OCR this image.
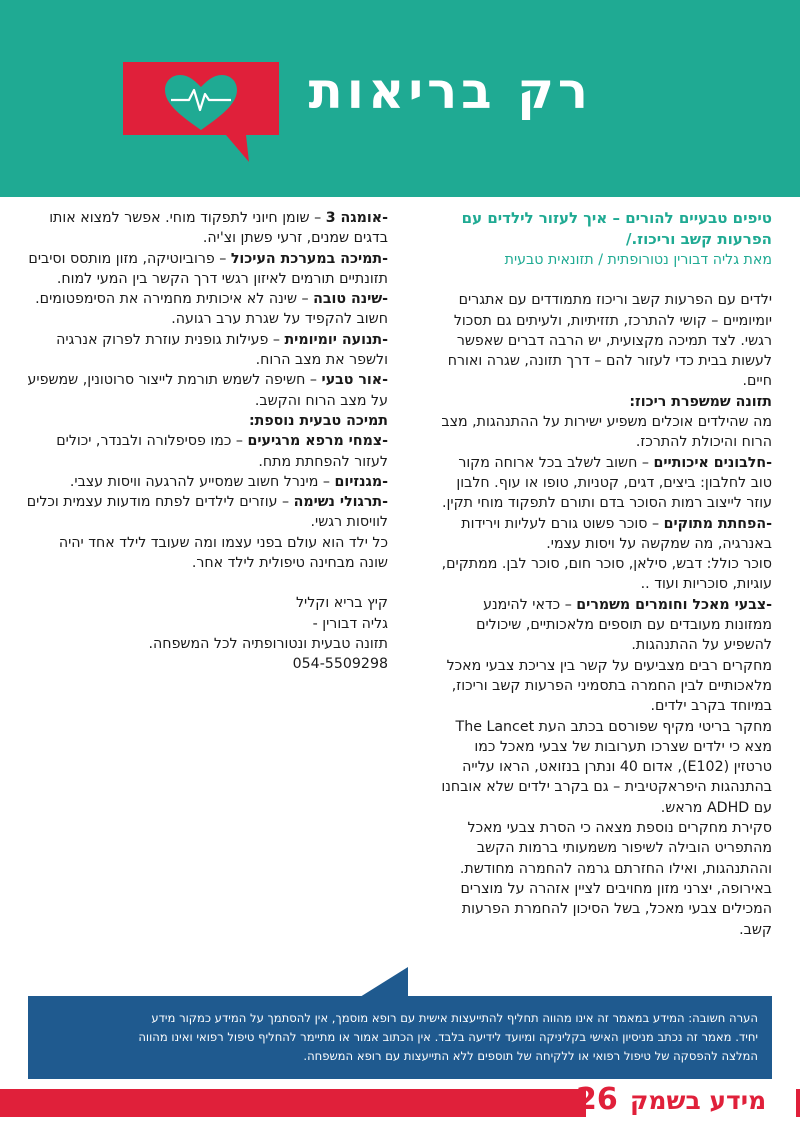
רק בריאות

טיפים טבעיים להורים – איך לעזור לילדים עם הפרעות קשב וריכוז./

מאת גליה דבורין נטורופתית / תזונאית טבעית

ילדים עם הפרעות קשב וריכוז מתמודדים עם אתגרים יומיומיים – קושי להתרכז, תזזיתיות, ולעיתים גם תסכול רגשי. לצד תמיכה מקצועית, יש הרבה דברים שאפשר לעשות בבית כדי לעזור להם – דרך תזונה, שגרה ואורח חיים.

תזונה שמשפרת ריכוז:

מה שהילדים אוכלים משפיע ישירות על ההתנהגות, מצב הרוח והיכולת להתרכז.

-חלבונים איכותיים – חשוב לשלב בכל ארוחה מקור טוב לחלבון: ביצים, דגים, קטניות, טופו או עוף. חלבון עוזר לייצוב רמות הסוכר בדם ותורם לתפקוד מוחי תקין.

-הפחתת מתוקים – סוכר פשוט גורם לעליות וירידות באנרגיה, מה שמקשה על ויסות עצמי.

סוכר כולל: דבש, סילאן, סוכר חום, סוכר לבן. ממתקים, עוגיות, סוכריות ועוד ..

-צבעי מאכל וחומרים משמרים – כדאי להימנע ממזונות מעובדים עם תוספים מלאכותיים, שיכולים להשפיע על ההתנהגות.

מחקרים רבים מצביעים על קשר בין צריכת צבעי מאכל מלאכותיים לבין החמרה בתסמיני הפרעות קשב וריכוז, במיוחד בקרב ילדים.

מחקר בריטי מקיף שפורסם בכתב העת The Lancet מצא כי ילדים שצרכו תערובות של צבעי מאכל כמו טרטזין (E102), אדום 40 ונתרן בנזואט, הראו עלייה בהתנהגות היפראקטיבית – גם בקרב ילדים שלא אובחנו עם ADHD מראש.

סקירת מחקרים נוספת מצאה כי הסרת צבעי מאכל מהתפריט הובילה לשיפור משמעותי ברמות הקשב וההתנהגות, ואילו החזרתם גרמה להחמרה מחודשת.

באירופה, יצרני מזון מחויבים לציין אזהרה על מוצרים המכילים צבעי מאכל, בשל הסיכון להחמרת הפרעות קשב.

-אומגה 3 – שומן חיוני לתפקוד מוחי. אפשר למצוא אותו בדגים שמנים, זרעי פשתן וצ'יה.

-תמיכה במערכת העיכול – פרוביוטיקה, מזון מותסס וסיבים תזונתיים תורמים לאיזון רגשי דרך הקשר בין המעי למוח.

-שינה טובה – שינה לא איכותית מחמירה את הסימפטומים. חשוב להקפיד על שגרת ערב רגועה.

-תנועה יומיומית – פעילות גופנית עוזרת לפרוק אנרגיה ולשפר את מצב הרוח.

-אור טבעי – חשיפה לשמש תורמת לייצור סרוטונין, שמשפיע על מצב הרוח והקשב.

תמיכה טבעית נוספת:

-צמחי מרפא מרגיעים – כמו פסיפלורה ולבנדר, יכולים לעזור להפחתת מתח.

-מגנזיום – מינרל חשוב שמסייע להרגעה וויסות עצבי.

-תרגולי נשימה – עוזרים לילדים לפתח מודעות עצמית וכלים לוויסות רגשי.

כל ילד הוא עולם בפני עצמו ומה שעובד לילד אחד יהיה שונה מבחינה טיפולית לילד אחר.

קיץ בריא וקליל

גליה דבורין -

תזונה טבעית ונטורופתיה לכל המשפחה.

054-5509298

הערה חשובה: המידע במאמר זה אינו מהווה תחליף להתייעצות אישית עם רופא מוסמך, אין להסתמך על המידע כמקור מידע

יחיד. מאמר זה נכתב מניסיון האישי בקליניקה ומיועד לידיעה בלבד. אין הכתוב אמור או מתיימר להחליף טיפול רפואי ואינו מהווה

המלצה להפסקה של טיפול רפואי או ללקיחה של תוספים ללא התייעצות עם רופא המשפחה.

26 מידע בשמק
